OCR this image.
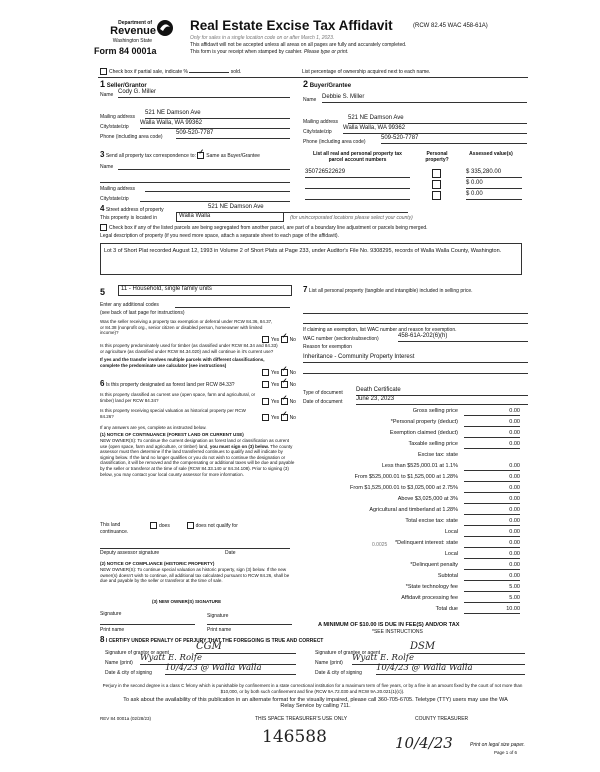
Department of
Revenue
Washington State
Form 84 0001a
Real Estate Excise Tax Affidavit	(RCW 82.45 WAC 458-61A)
Only for sales in a single location code on or after March 1, 2023.
This affidavit will not be accepted unless all areas on all pages are fully and accurately completed.
This form is your receipt when stamped by cashier. Please type or print.
Check box if partial sale, indicate %	sold.	List percentage of ownership acquired next to each name.
1 Seller/Grantor
Name Cody G. Miller
Mailing address
521 NE Damson Ave
City/state/zip
Walla Walla, WA 99362
Phone (including area code)
509-520-7787
2 Buyer/Grantee
Name Debbie S. Miller
Mailing address
521 NE Damson Ave
City/state/zip
Walla Walla, WA 99362
Phone (including area code)
509-520-7787
3 Send all property tax correspondence to: ✓ Same as Buyer/Grantee
Name
Mailing address
City/state/zip
List all real and personal property tax parcel account numbers
Personal property?
Assessed value(s)
350726522629	$ 335,280.00
$ 0.00
$ 0.00
4 Street address of property	521 NE Damson Ave
This property is located in	Walla Walla	(for unincorporated locations please select your county)
Check box if any of the listed parcels are being segregated from another parcel, are part of a boundary line adjustment or parcels being merged.
Legal description of property (if you need more space, attach a separate sheet to each page of the affidavit).
Lot 3 of Short Plat recorded August 12, 1993 in Volume 2 of Short Plats at Page 233, under Auditor's File No. 9308295, records of Walla Walla County, Washington.
5	11 - Household, single family units
Enter any additional codes
(see back of last page for instructions)
Was the seller receiving a property tax exemption or deferral under RCW 84.36, 84.37, or 84.38 (nonprofit org., senior citizen or disabled person, homeowner with limited income)?
Yes ✓ No
Is this property predominately used for timber (as classified under RCW 84.34 and 84.33) or agriculture (as classified under RCW 84.34.020) and will continue in it's current use?
If yes and the transfer involves multiple parcels with different classifications, complete the predominate use calculator (see instructions)
Yes ✓ No
6 Is this property designated as forest land per RCW 84.33?	Yes ✓ No
Is this property classified as current use (open space, farm and agricultural, or timber) land per RCW 84.34?	Yes ✓ No
Is this property receiving special valuation as historical property per RCW 84.26?	Yes ✓ No
If any answers are yes, complete as instructed below.
(1) NOTICE OF CONTINUANCE (FOREST LAND OR CURRENT USE)
NEW OWNER(S): To continue the current designation as forest land or classification as current use (open space, farm and agriculture, or timber) land, you must sign on (3) below. The county assessor must then determine if the land transferred continues to qualify and will indicate by signing below. If the land no longer qualifies or you do not wish to continue the designation or classification, it will be removed and the compensating or additional taxes will be due and payable by the seller or transferor at the time of sale (RCW 84.33.140 or 84.34.108). Prior to signing (3) below, you may contact your local county assessor for more information.
This land
continuance.
does	does not qualify for
Deputy assessor signature	Date
(2) NOTICE OF COMPLIANCE (HISTORIC PROPERTY)
NEW OWNER(S): To continue special valuation as historic property, sign (3) below. If the new owner(s) doesn't wish to continue, all additional tax calculated pursuant to RCW 84.26, shall be due and payable by the seller or transferor at the time of sale.
(3) NEW OWNER(S) SIGNATURE
Signature	Signature
Print name	Print name
7 List all personal property (tangible and intangible) included in selling price.
If claiming an exemption, list WAC number and reason for exemption.
WAC number (section/subsection)	458-61A-202(6)(h)
Reason for exemption
Inheritance - Community Property Interest
Type of document Death Certificate
Date of document June 23, 2023
Gross selling price	0.00
*Personal property (deduct)	0.00
Exemption claimed (deduct)	0.00
Taxable selling price	0.00
Excise tax: state
Less than $525,000.01 at 1.1%	0.00
From $525,000.01 to $1,525,000 at 1.28%	0.00
From $1,525,000.01 to $3,025,000 at 2.75%	0.00
Above $3,025,000 at 3%	0.00
Agricultural and timberland at 1.28%	0.00
Total excise tax: state	0.00
Local	0.00
*Delinquent interest: state	0.00
Local	0.00
*Delinquent penalty	0.00
Subtotal	0.00
*State technology fee	5.00
Affidavit processing fee	5.00
Total due	10.00
0.0025
A MINIMUM OF $10.00 IS DUE IN FEE(S) AND/OR TAX
*SEE INSTRUCTIONS
8 I CERTIFY UNDER PENALTY OF PERJURY THAT THE FOREGOING IS TRUE AND CORRECT
Signature of grantor or agent
CGM
Name (print) Wyatt E. Rolfe
Date & city of signing 10/4/23 @ Walla Walla
Signature of grantee or agent
DSM
Name (print) Wyatt E. Rolfe
Date & city of signing 10/4/23 @ Walla Walla
Perjury in the second degree is a class C felony which is punishable by confinement in a state correctional institution for a maximum term of five years, or by a fine in an amount fixed by the court of not more than $10,000, or by both such confinement and fine (RCW 9A.72.030 and RCW 9A.20.021(1)(c)).
To ask about the availability of this publication in an alternate format for the visually impaired, please call 360-705-6705. Teletype (TTY) users may use the WA Relay Service by calling 711.
REV 84 0001a (02/28/23)	THIS SPACE TREASURER'S USE ONLY	COUNTY TREASURER
146588	10/4/23	Print on legal size paper.
Page 1 of 6
